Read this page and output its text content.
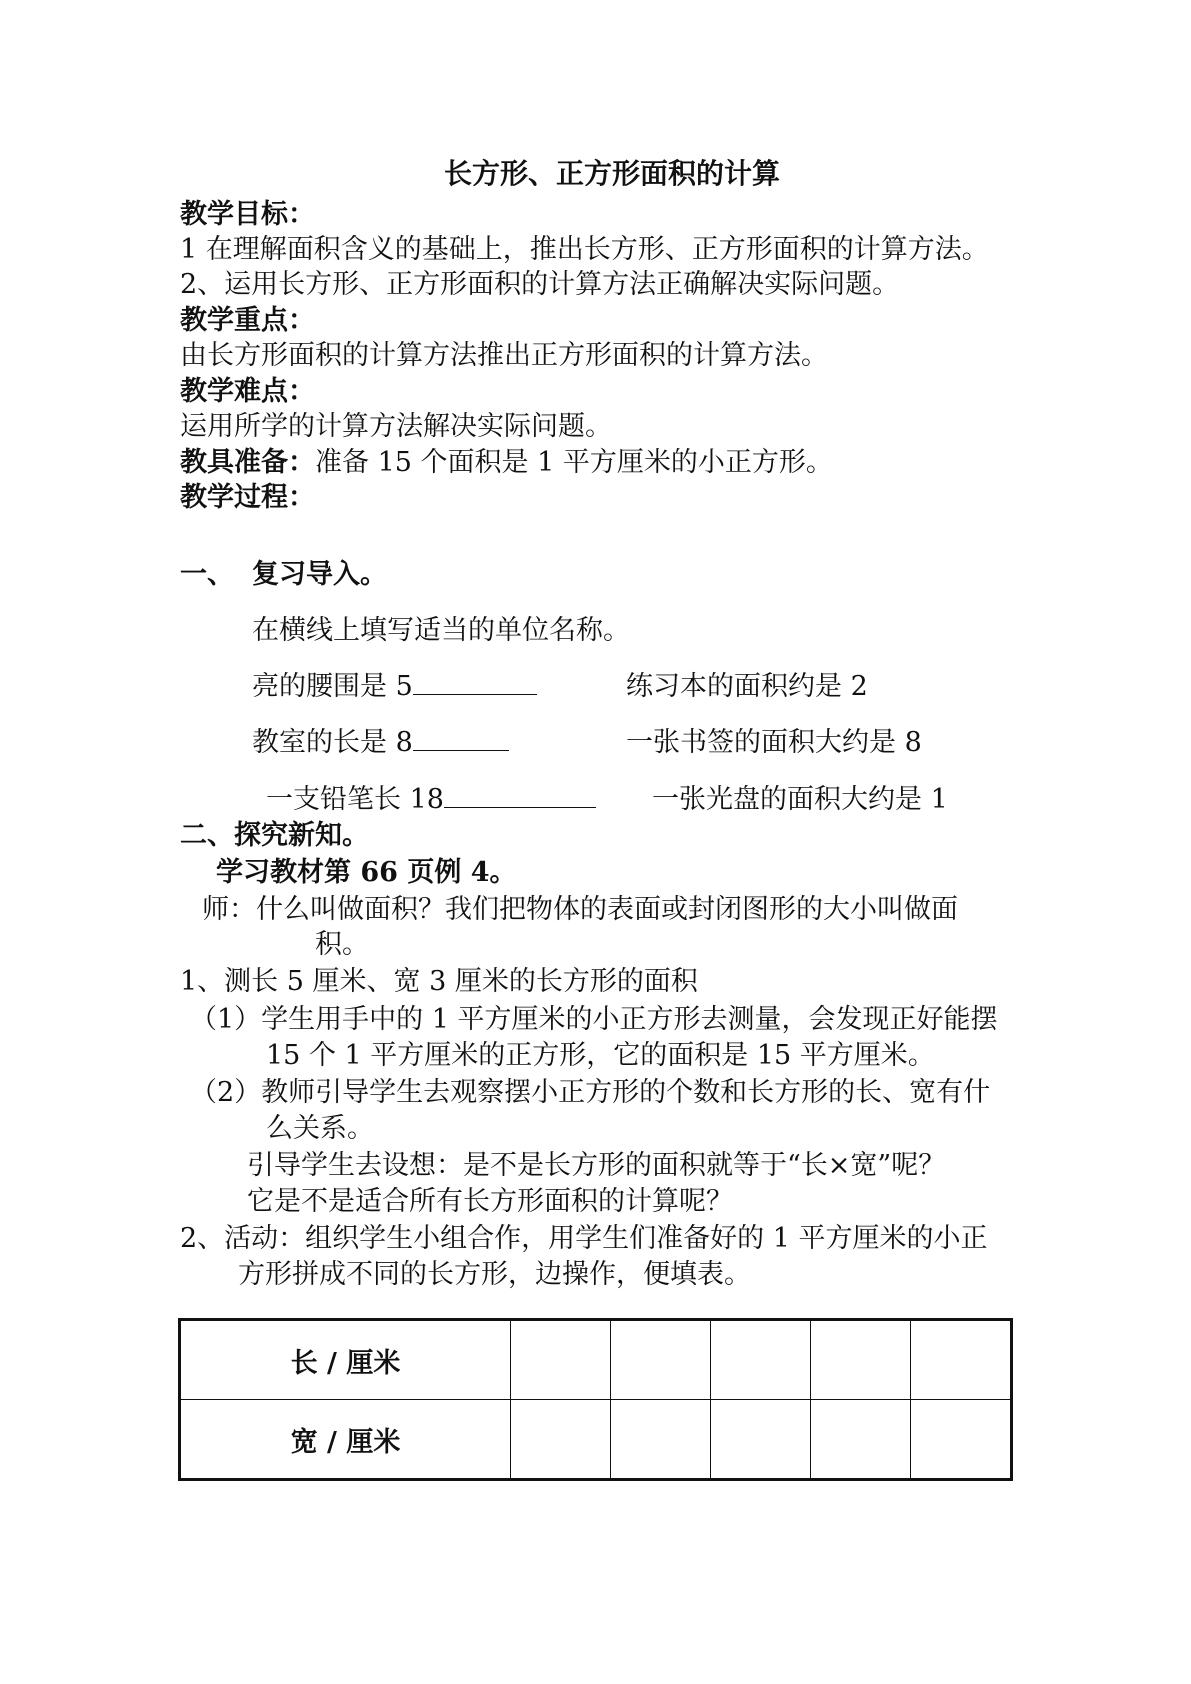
长方形、正方形面积的计算
教学目标：
1 在理解面积含义的基础上，推出长方形、正方形面积的计算方法。
2、运用长方形、正方形面积的计算方法正确解决实际问题。
教学重点：
由长方形面积的计算方法推出正方形面积的计算方法。
教学难点：
运用所学的计算方法解决实际问题。
教具准备：准备 15 个面积是 1 平方厘米的小正方形。
教学过程：
一、 复习导入。
在横线上填写适当的单位名称。
亮的腰围是 5	练习本的面积约是 2
教室的长是 8	一张书签的面积大约是 8
一支铅笔长 18	一张光盘的面积大约是 1
二、探究新知。
学习教材第 66 页例 4。
师：什么叫做面积？我们把物体的表面或封闭图形的大小叫做面
积。
1、测长 5 厘米、宽 3 厘米的长方形的面积
（1）学生用手中的 1 平方厘米的小正方形去测量，会发现正好能摆
15 个 1 平方厘米的正方形，它的面积是 15 平方厘米。
（2）教师引导学生去观察摆小正方形的个数和长方形的长、宽有什
么关系。
引导学生去设想：是不是长方形的面积就等于“长×宽”呢？
它是不是适合所有长方形面积的计算呢？
2、活动：组织学生小组合作，用学生们准备好的 1 平方厘米的小正
方形拼成不同的长方形，边操作，便填表。
长 / 厘米					
宽 / 厘米					
